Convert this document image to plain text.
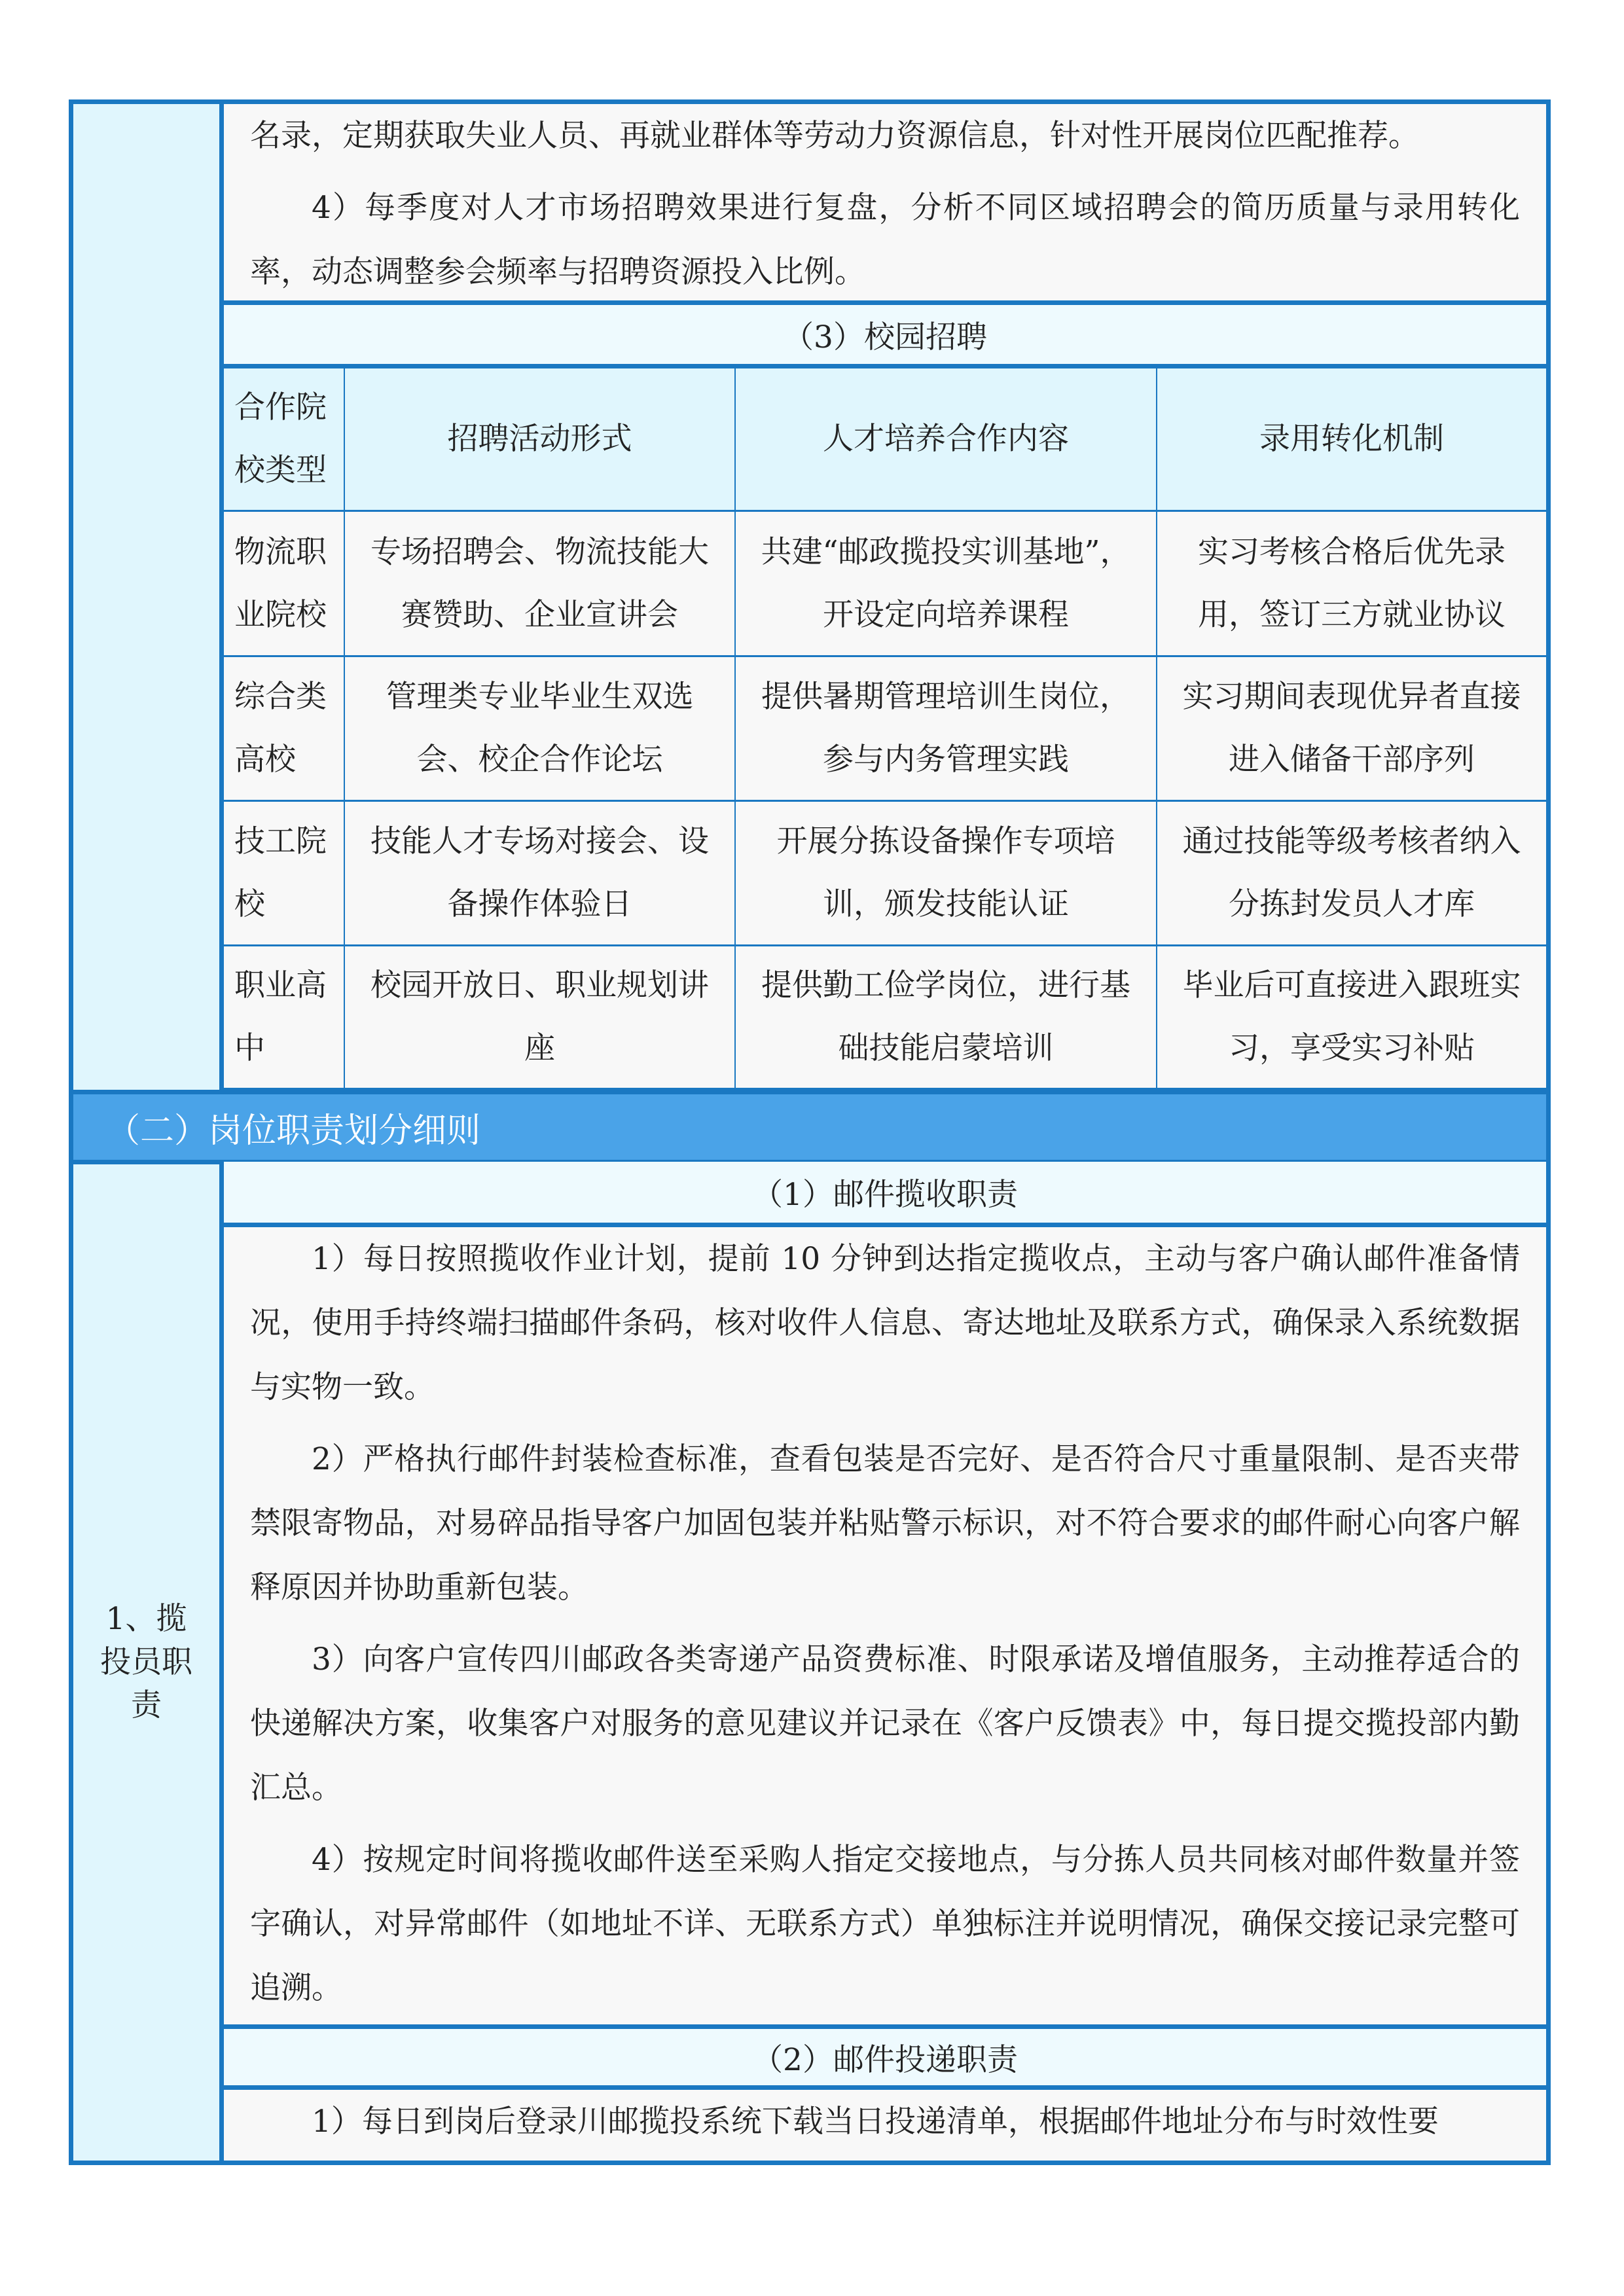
名录，定期获取失业人员、再就业群体等劳动力资源信息，针对性开展岗位匹配推荐。

4）每季度对人才市场招聘效果进行复盘，分析不同区域招聘会的简历质量与录用转化率，动态调整参会频率与招聘资源投入比例。

（3）校园招聘
合作院校类型
招聘活动形式	人才培养合作内容	录用转化机制
物流职业院校
专场招聘会、物流技能大赛赞助、企业宣讲会
共建“邮政揽投实训基地”，开设定向培养课程
实习考核合格后优先录用，签订三方就业协议
综合类高校
管理类专业毕业生双选会、校企合作论坛
提供暑期管理培训生岗位，参与内务管理实践
实习期间表现优异者直接进入储备干部序列
技工院校
技能人才专场对接会、设备操作体验日
开展分拣设备操作专项培训，颁发技能认证
通过技能等级考核者纳入分拣封发员人才库
职业高中
校园开放日、职业规划讲座
提供勤工俭学岗位，进行基础技能启蒙培训
毕业后可直接进入跟班实习，享受实习补贴
（二）岗位职责划分细则
1、揽投员职责
（1）邮件揽收职责

1）每日按照揽收作业计划，提前 10 分钟到达指定揽收点，主动与客户确认邮件准备情况，使用手持终端扫描邮件条码，核对收件人信息、寄达地址及联系方式，确保录入系统数据与实物一致。

2）严格执行邮件封装检查标准，查看包装是否完好、是否符合尺寸重量限制、是否夹带禁限寄物品，对易碎品指导客户加固包装并粘贴警示标识，对不符合要求的邮件耐心向客户解释原因并协助重新包装。

3）向客户宣传四川邮政各类寄递产品资费标准、时限承诺及增值服务，主动推荐适合的快递解决方案，收集客户对服务的意见建议并记录在《客户反馈表》中，每日提交揽投部内勤汇总。

4）按规定时间将揽收邮件送至采购人指定交接地点，与分拣人员共同核对邮件数量并签字确认，对异常邮件（如地址不详、无联系方式）单独标注并说明情况，确保交接记录完整可追溯。

（2）邮件投递职责

1）每日到岗后登录川邮揽投系统下载当日投递清单，根据邮件地址分布与时效性要
